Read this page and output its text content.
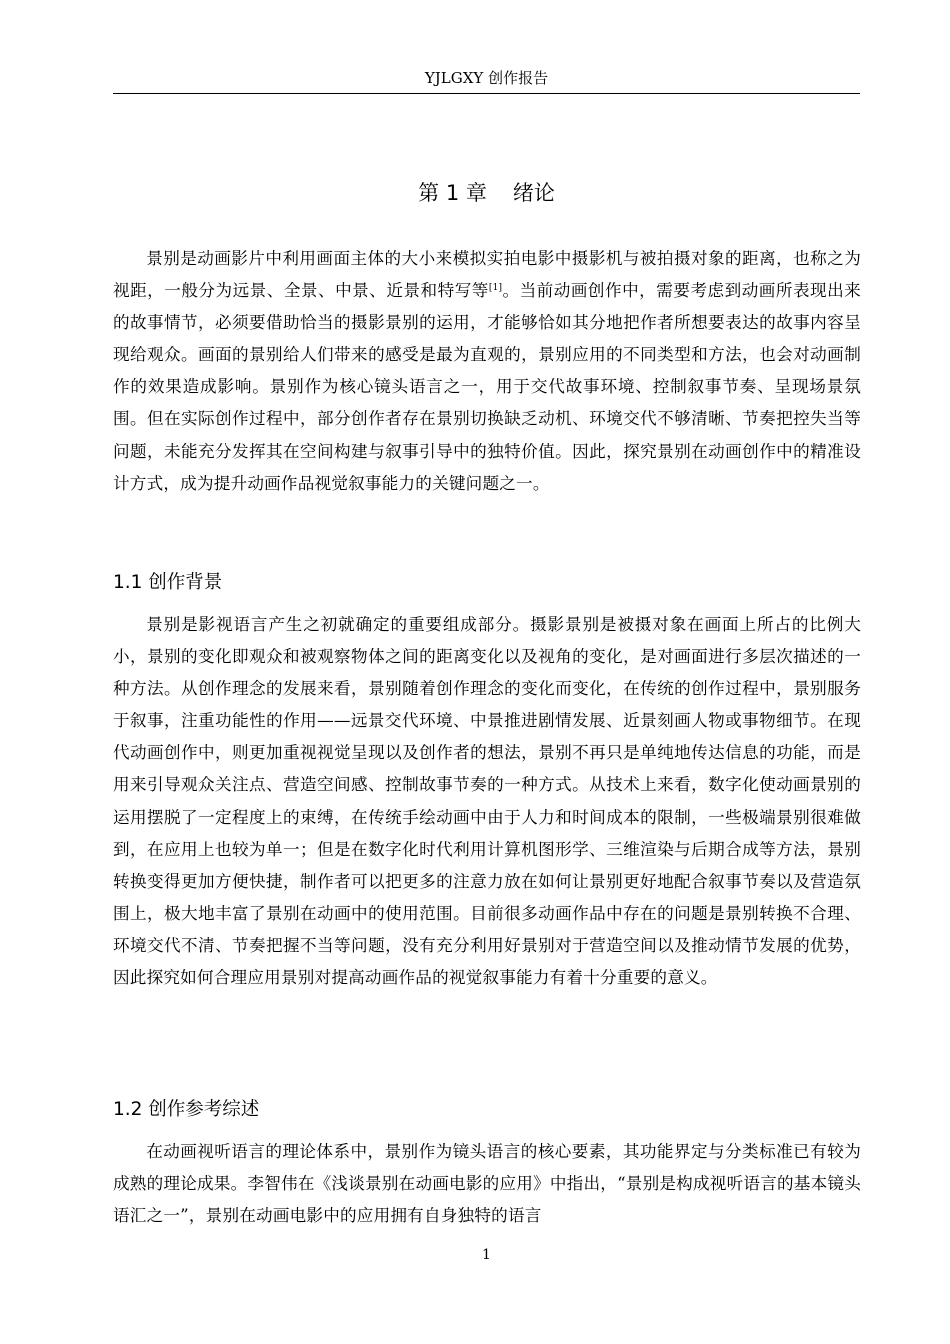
YJLGXY 创作报告
第 1 章 绪论

景别是动画影片中利用画面主体的大小来模拟实拍电影中摄影机与被拍摄对象的距离，也称之为视距，一般分为远景、全景、中景、近景和特写等[1]。当前动画创作中，需要考虑到动画所表现出来的故事情节，必须要借助恰当的摄影景别的运用，才能够恰如其分地把作者所想要表达的故事内容呈现给观众。画面的景别给人们带来的感受是最为直观的，景别应用的不同类型和方法，也会对动画制作的效果造成影响。景别作为核心镜头语言之一，用于交代故事环境、控制叙事节奏、呈现场景氛围。但在实际创作过程中，部分创作者存在景别切换缺乏动机、环境交代不够清晰、节奏把控失当等问题，未能充分发挥其在空间构建与叙事引导中的独特价值。因此，探究景别在动画创作中的精准设计方式，成为提升动画作品视觉叙事能力的关键问题之一。

1.1 创作背景

景别是影视语言产生之初就确定的重要组成部分。摄影景别是被摄对象在画面上所占的比例大小，景别的变化即观众和被观察物体之间的距离变化以及视角的变化，是对画面进行多层次描述的一种方法。从创作理念的发展来看，景别随着创作理念的变化而变化，在传统的创作过程中，景别服务于叙事，注重功能性的作用——远景交代环境、中景推进剧情发展、近景刻画人物或事物细节。在现代动画创作中，则更加重视视觉呈现以及创作者的想法，景别不再只是单纯地传达信息的功能，而是用来引导观众关注点、营造空间感、控制故事节奏的一种方式。从技术上来看，数字化使动画景别的运用摆脱了一定程度上的束缚，在传统手绘动画中由于人力和时间成本的限制，一些极端景别很难做到，在应用上也较为单一；但是在数字化时代利用计算机图形学、三维渲染与后期合成等方法，景别转换变得更加方便快捷，制作者可以把更多的注意力放在如何让景别更好地配合叙事节奏以及营造氛围上，极大地丰富了景别在动画中的使用范围。目前很多动画作品中存在的问题是景别转换不合理、环境交代不清、节奏把握不当等问题，没有充分利用好景别对于营造空间以及推动情节发展的优势，因此探究如何合理应用景别对提高动画作品的视觉叙事能力有着十分重要的意义。

1.2 创作参考综述

在动画视听语言的理论体系中，景别作为镜头语言的核心要素，其功能界定与分类标准已有较为成熟的理论成果。李智伟在《浅谈景别在动画电影的应用》中指出，“景别是构成视听语言的基本镜头语汇之一”，景别在动画电影中的应用拥有自身独特的语言

1
